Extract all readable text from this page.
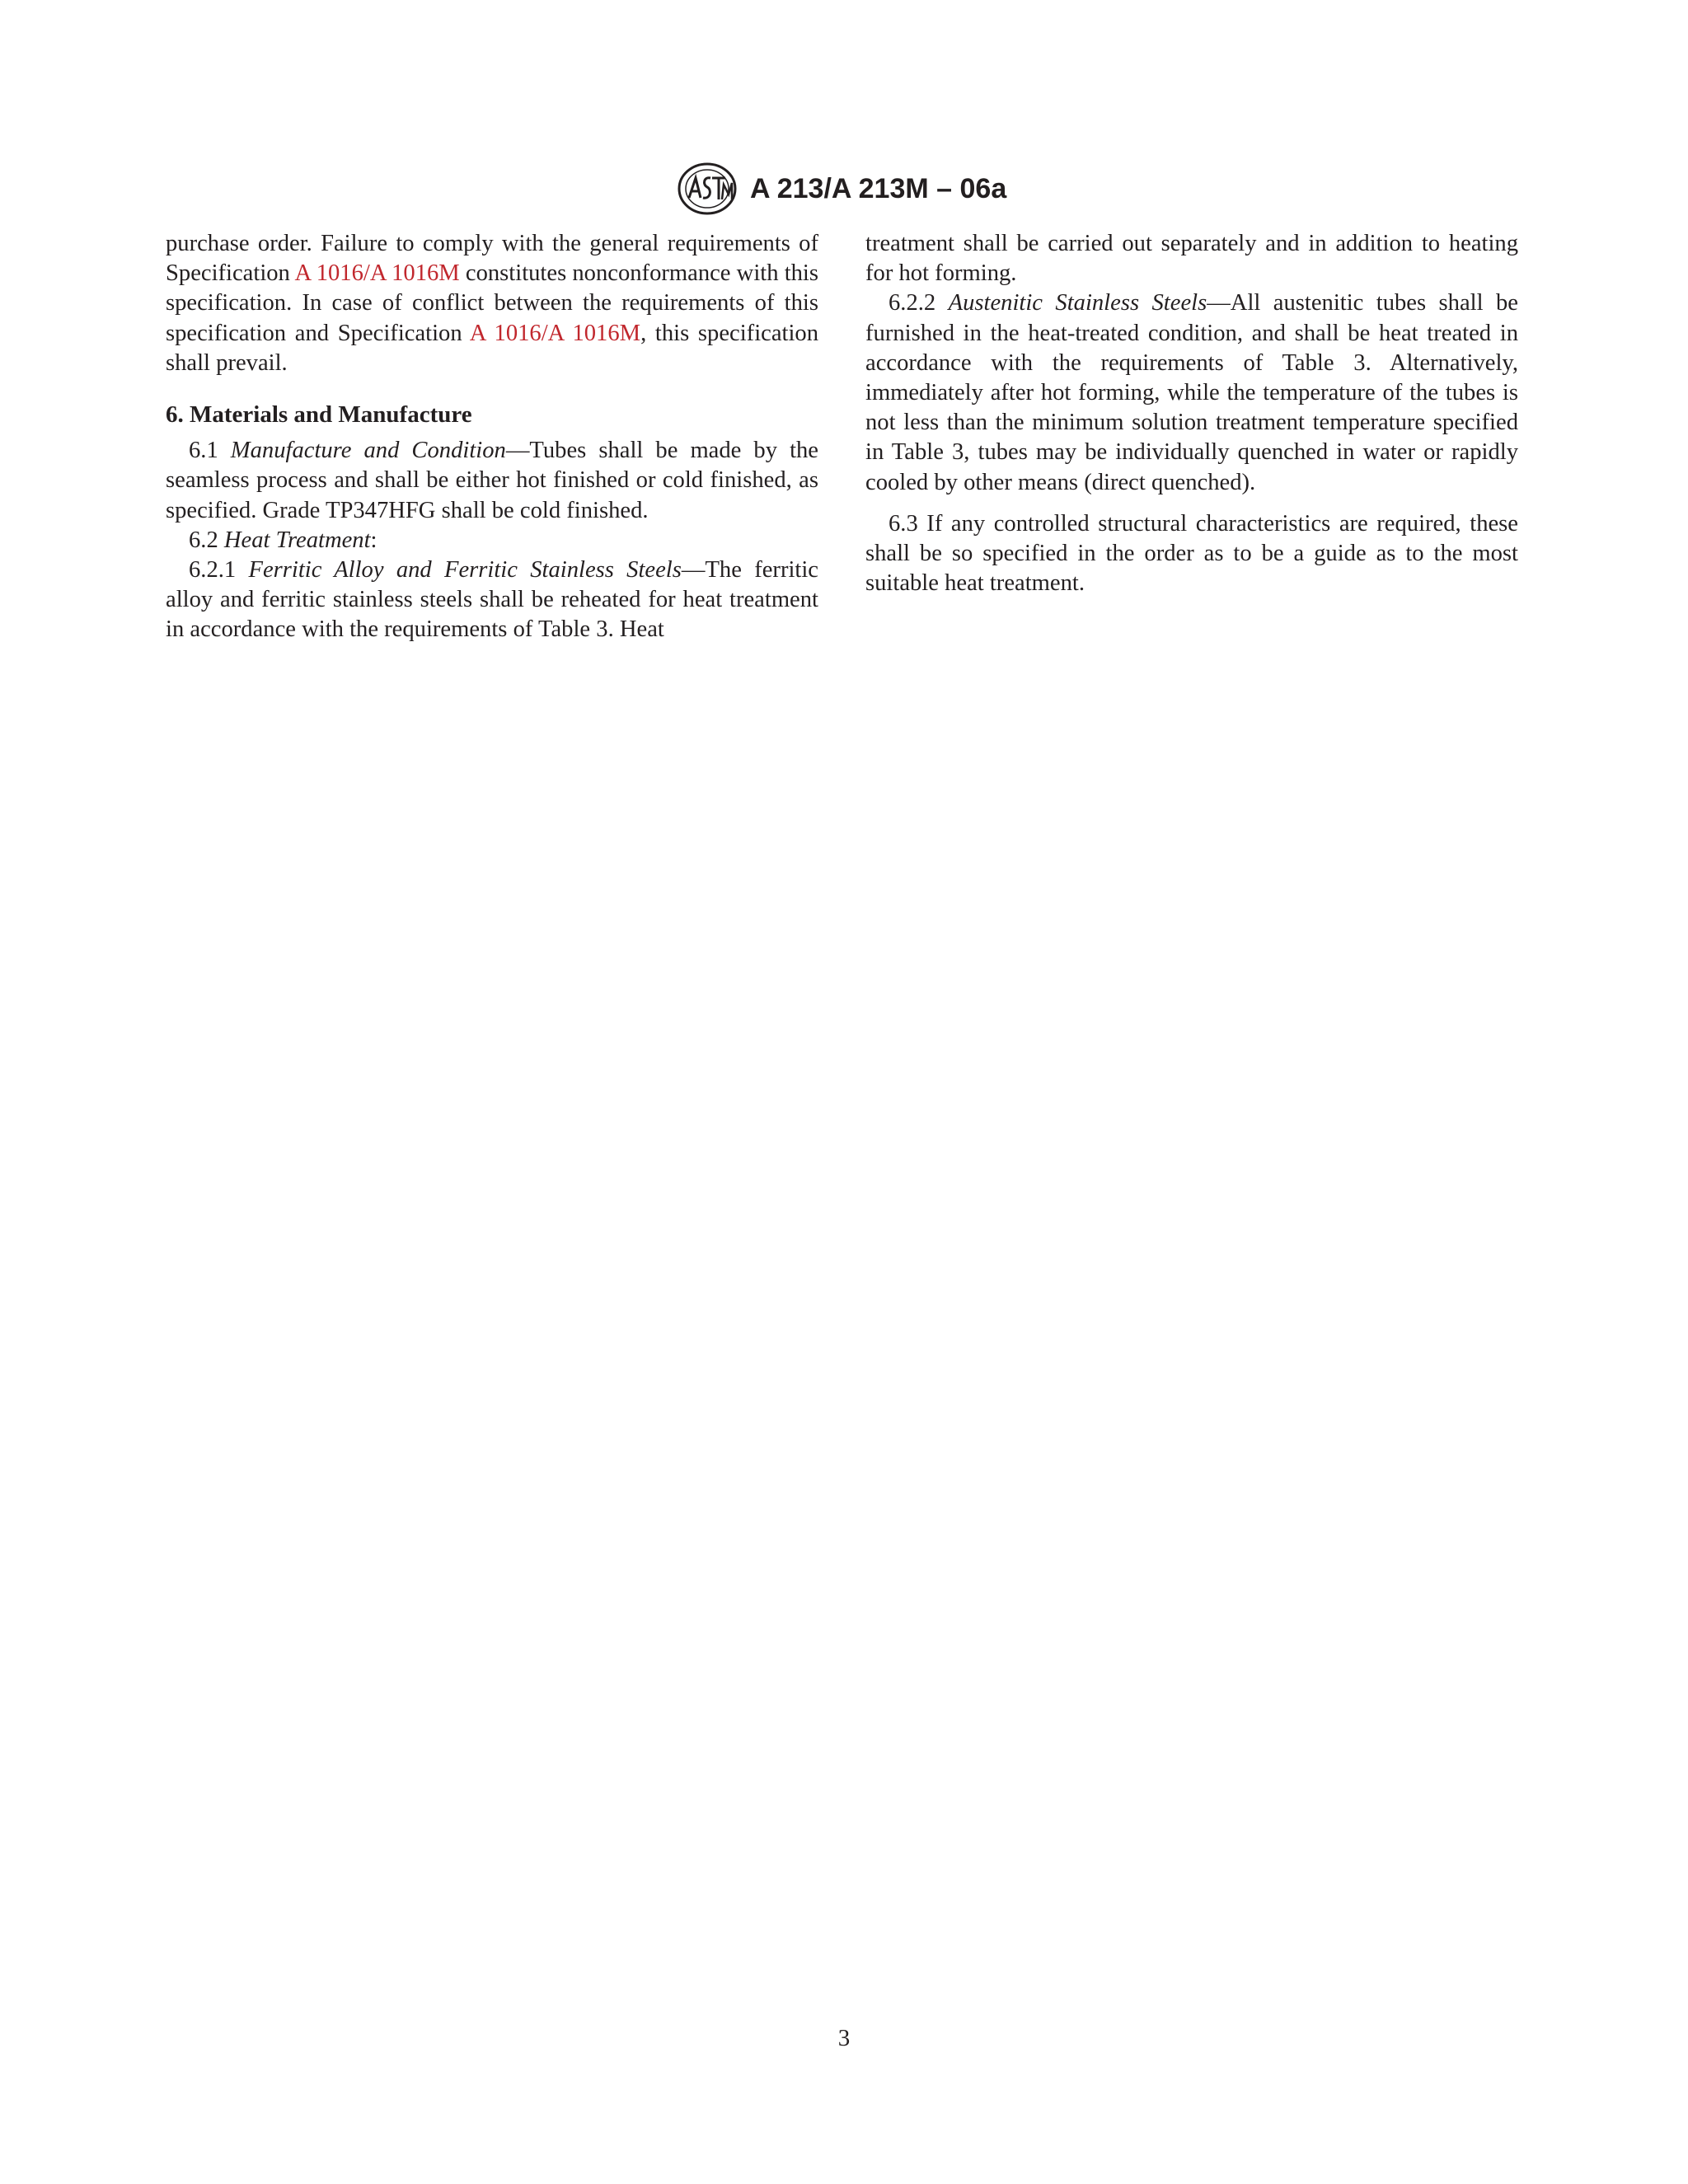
A 213/A 213M – 06a

purchase order. Failure to comply with the general requirements of Specification A 1016/A 1016M constitutes nonconformance with this specification. In case of conflict between the requirements of this specification and Specification A 1016/A 1016M, this specification shall prevail.

6. Materials and Manufacture

6.1 Manufacture and Condition—Tubes shall be made by the seamless process and shall be either hot finished or cold finished, as specified. Grade TP347HFG shall be cold finished.

6.2 Heat Treatment:

6.2.1 Ferritic Alloy and Ferritic Stainless Steels—The ferritic alloy and ferritic stainless steels shall be reheated for heat treatment in accordance with the requirements of Table 3. Heat

treatment shall be carried out separately and in addition to heating for hot forming.

6.2.2 Austenitic Stainless Steels—All austenitic tubes shall be furnished in the heat-treated condition, and shall be heat treated in accordance with the requirements of Table 3. Alternatively, immediately after hot forming, while the temperature of the tubes is not less than the minimum solution treatment temperature specified in Table 3, tubes may be individually quenched in water or rapidly cooled by other means (direct quenched).

6.3 If any controlled structural characteristics are required, these shall be so specified in the order as to be a guide as to the most suitable heat treatment.

3
